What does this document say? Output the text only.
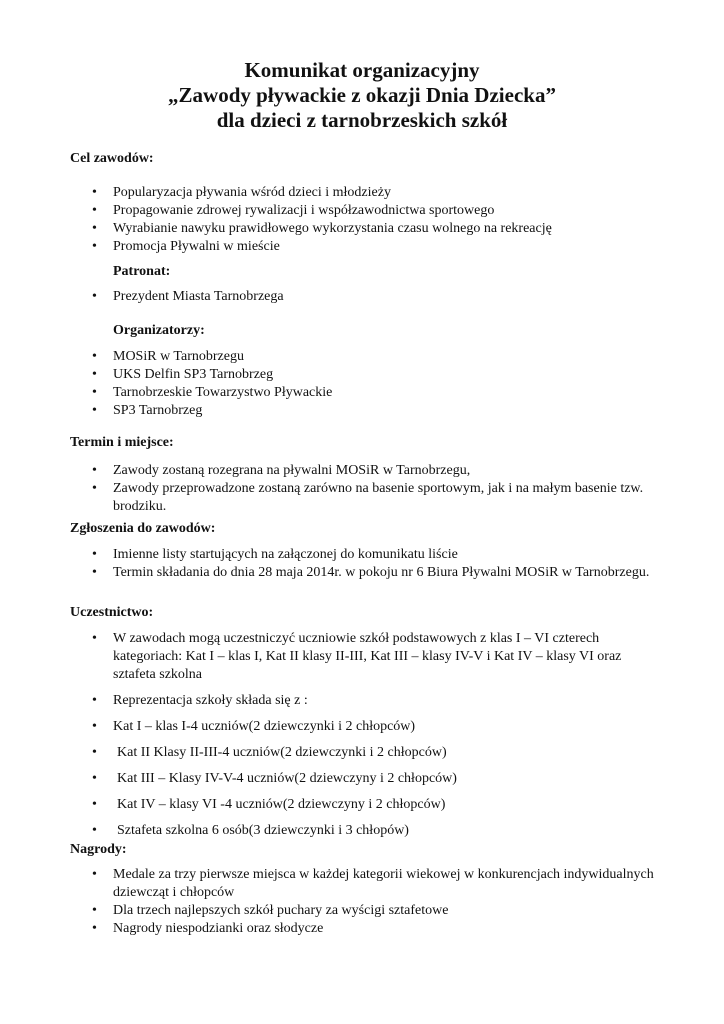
Komunikat organizacyjny
„Zawody pływackie z okazji Dnia Dziecka”
dla dzieci z tarnobrzeskich szkół

Cel zawodów:

• Popularyzacja pływania wśród dzieci i młodzieży
• Propagowanie zdrowej rywalizacji i współzawodnictwa sportowego
• Wyrabianie nawyku prawidłowego wykorzystania czasu wolnego na rekreację
• Promocja Pływalni w mieście

Patronat:

• Prezydent Miasta Tarnobrzega

Organizatorzy:

• MOSiR w Tarnobrzegu
• UKS Delfin SP3 Tarnobrzeg
• Tarnobrzeskie Towarzystwo Pływackie
• SP3 Tarnobrzeg

Termin i miejsce:

• Zawody zostaną rozegrana na pływalni MOSiR w Tarnobrzegu,
• Zawody przeprowadzone zostaną zarówno na basenie sportowym, jak i na małym basenie tzw. brodziku.

Zgłoszenia do zawodów:

• Imienne listy startujących na załączonej do komunikatu liście
• Termin składania do dnia 28 maja 2014r. w pokoju nr 6 Biura Pływalni MOSiR w Tarnobrzegu.

Uczestnictwo:

• W zawodach mogą uczestniczyć uczniowie szkół podstawowych z klas I – VI czterech kategoriach: Kat I – klas I, Kat II klasy II-III, Kat III – klasy IV-V i Kat IV – klasy VI oraz sztafeta szkolna
• Reprezentacja szkoły składa się z :
• Kat I – klas I-4 uczniów(2 dziewczynki i 2 chłopców)
• Kat II Klasy II-III-4 uczniów(2 dziewczynki i 2 chłopców)
• Kat III – Klasy IV-V-4 uczniów(2 dziewczyny i 2 chłopców)
• Kat IV – klasy VI -4 uczniów(2 dziewczyny i 2 chłopców)
• Sztafeta szkolna 6 osób(3 dziewczynki i 3 chłopów)

Nagrody:

• Medale za trzy pierwsze miejsca w każdej kategorii wiekowej w konkurencjach indywidualnych dziewcząt i chłopców
• Dla trzech najlepszych szkół puchary za wyścigi sztafetowe
• Nagrody niespodzianki oraz słodycze
